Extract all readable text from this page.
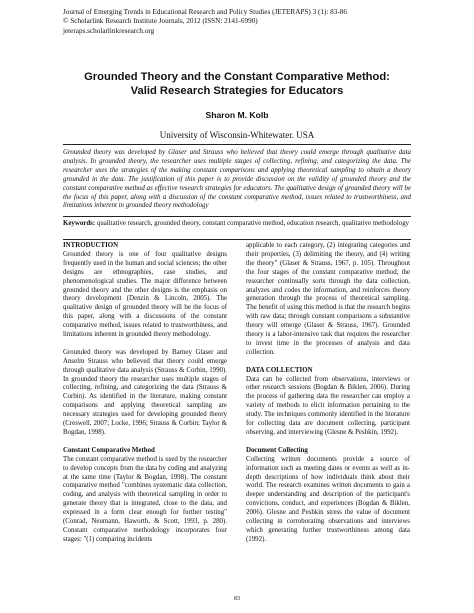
Journal of Emerging Trends in Educational Research and Policy Studies (JETERAPS) 3 (1): 83-86
© Scholarlink Research Institute Journals, 2012 (ISSN: 2141-6990)
jeteraps.scholarlinkresearch.org
Grounded Theory and the Constant Comparative Method:
Valid Research Strategies for Educators
Sharon M. Kolb
University of Wisconsin-Whitewater. USA
Grounded theory was developed by Glaser and Strauss who believed that theory could emerge through qualitative data analysis. In grounded theory, the researcher uses multiple stages of collecting, refining, and categorizing the data. The researcher uses the strategies of the making constant comparisons and applying theoretical sampling to obtain a theory grounded in the data. The justification of this paper is to provide discussion on the validity of grounded theory and the constant comparative method as effective research strategies for educators. The qualitative design of grounded theory will be the focus of this paper, along with a discussion of the constant comparative method, issues related to trustworthiness, and limitations inherent in grounded theory methodology
Keywords: qualitative research, grounded theory, constant comparative method, education research, qualitative methodology
INTRODUCTION
Grounded theory is one of four qualitative designs frequently used in the human and social sciences; the other designs are ethnographies, case studies, and phenomenological studies. The major difference between grounded theory and the other designs is the emphasis on theory development (Denzin & Lincoln, 2005). The qualitative design of grounded theory will be the focus of this paper, along with a discussions of the constant comparative method, issues related to trustworthiness, and limitations inherent in grounded theory methodology.
Grounded theory was developed by Barney Glaser and Anselm Strauss who believed that theory could emerge through qualitative data analysis (Strauss & Corbin, 1990). In grounded theory the researcher uses multiple stages of collecting, refining, and categorizing the data (Strauss & Corbin). As identified in the literature, making constant comparisons and applying theoretical sampling are necessary strategies used for developing grounded theory (Creswell, 2007; Locke, 1996; Strauss & Corbin; Taylor & Bogdan, 1998).
Constant Comparative Method
The constant comparative method is used by the researcher to develop concepts from the data by coding and analyzing at the same time (Taylor & Bogdan, 1998). The constant comparative method "combines systematic data collection, coding, and analysis with theoretical sampling in order to generate theory that is integrated, close to the data, and expressed in a form clear enough for further testing" (Conrad, Neumann, Haworth, & Scott, 1993, p. 280). Constant comparative methodology incorporates four stages: "(1) comparing incidents
applicable to each category, (2) integrating categories and their properties, (3) delimiting the theory, and (4) writing the theory" (Glaser & Strauss, 1967, p. 105). Throughout the four stages of the constant comparative method, the researcher continually sorts through the data collection, analyzes and codes the information, and reinforces theory generation through the process of theoretical sampling. The benefit of using this method is that the research begins with raw data; through constant comparisons a substantive theory will emerge (Glaser & Strauss, 1967). Grounded theory is a labor-intensive task that requires the researcher to invest time in the processes of analysis and data collection.
DATA COLLECTION
Data can be collected from observations, interviews or other research sessions (Bogdan & Biklen, 2006). During the process of gathering data the researcher can employ a variety of methods to elicit information pertaining to the study. The techniques commonly identified in the literature for collecting data are document collecting, participant observing, and interviewing (Glesne & Peshkin, 1992).
Document Collecting
Collecting written documents provide a source of information such as meeting dates or events as well as in-depth descriptions of how individuals think about their world. The research examines written documents to gain a deeper understanding and description of the participant's convictions, conduct, and experiences (Bogdan & Biklen, 2006). Glesne and Peshkin stress the value of document collecting in corroborating observations and interviews which generating further trustworthiness among data (1992).
83
